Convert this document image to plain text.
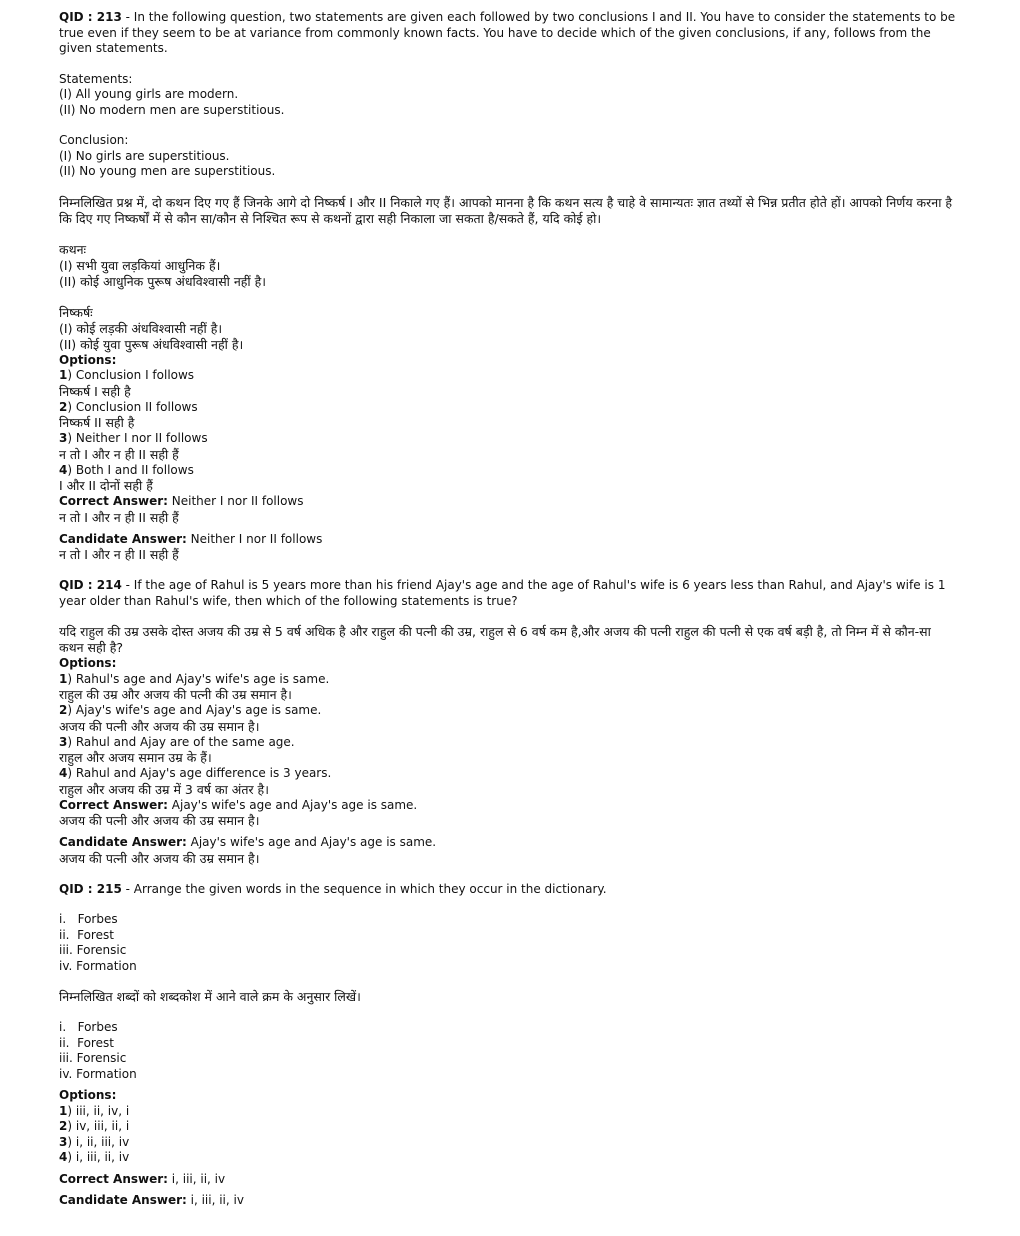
QID : 213 - In the following question, two statements are given each followed by two conclusions I and II. You have to consider the statements to be true even if they seem to be at variance from commonly known facts. You have to decide which of the given conclusions, if any, follows from the given statements.

Statements:

(I) All young girls are modern.

(II) No modern men are superstitious.

Conclusion:

(I) No girls are superstitious.

(II) No young men are superstitious.

निम्नलिखित प्रश्न में, दो कथन दिए गए हैं जिनके आगे दो निष्कर्ष I और II निकाले गए हैं। आपको मानना है कि कथन सत्य है चाहे वे सामान्यतः ज्ञात तथ्यों से भिन्न प्रतीत होते हों। आपको निर्णय करना है कि दिए गए निष्कर्षों में से कौन सा/कौन से निश्चित रूप से कथनों द्वारा सही निकाला जा सकता है/सकते हैं, यदि कोई हो।

कथनः

(I) सभी युवा लड़कियां आधुनिक हैं।

(II) कोई आधुनिक पुरूष अंधविश्वासी नहीं है।

निष्कर्षः

(I) कोई लड़की अंधविश्वासी नहीं है।

(II) कोई युवा पुरूष अंधविश्वासी नहीं है।

Options:

1) Conclusion I follows

निष्कर्ष I सही है

2) Conclusion II follows

निष्कर्ष II सही है

3) Neither I nor II follows

न तो I और न ही II सही हैं

4) Both I and II follows

I और II दोनों सही हैं

Correct Answer: Neither I nor II follows

न तो I और न ही II सही हैं

Candidate Answer: Neither I nor II follows

न तो I और न ही II सही हैं

QID : 214 - If the age of Rahul is 5 years more than his friend Ajay's age and the age of Rahul's wife is 6 years less than Rahul, and Ajay's wife is 1 year older than Rahul's wife, then which of the following statements is true?

यदि राहुल की उम्र उसके दोस्त अजय की उम्र से 5 वर्ष अधिक है और राहुल की पत्नी की उम्र, राहुल से 6 वर्ष कम है,और अजय की पत्नी राहुल की पत्नी से एक वर्ष बड़ी है, तो निम्न में से कौन-सा कथन सही है?

Options:

1) Rahul's age and Ajay's wife's age is same.

राहुल की उम्र और अजय की पत्नी की उम्र समान है।

2) Ajay's wife's age and Ajay's age is same.

अजय की पत्नी और अजय की उम्र समान है।

3) Rahul and Ajay are of the same age.

राहुल और अजय समान उम्र के हैं।

4) Rahul and Ajay's age difference is 3 years.

राहुल और अजय की उम्र में 3 वर्ष का अंतर है।

Correct Answer: Ajay's wife's age and Ajay's age is same.

अजय की पत्नी और अजय की उम्र समान है।

Candidate Answer: Ajay's wife's age and Ajay's age is same.

अजय की पत्नी और अजय की उम्र समान है।

QID : 215 - Arrange the given words in the sequence in which they occur in the dictionary.

i.   Forbes

ii.  Forest

iii. Forensic

iv. Formation

निम्नलिखित शब्दों को शब्दकोश में आने वाले क्रम के अनुसार लिखें।

i.   Forbes

ii.  Forest

iii. Forensic

iv. Formation

Options:

1) iii, ii, iv, i

2) iv, iii, ii, i

3) i, ii, iii, iv

4) i, iii, ii, iv

Correct Answer: i, iii, ii, iv

Candidate Answer: i, iii, ii, iv
